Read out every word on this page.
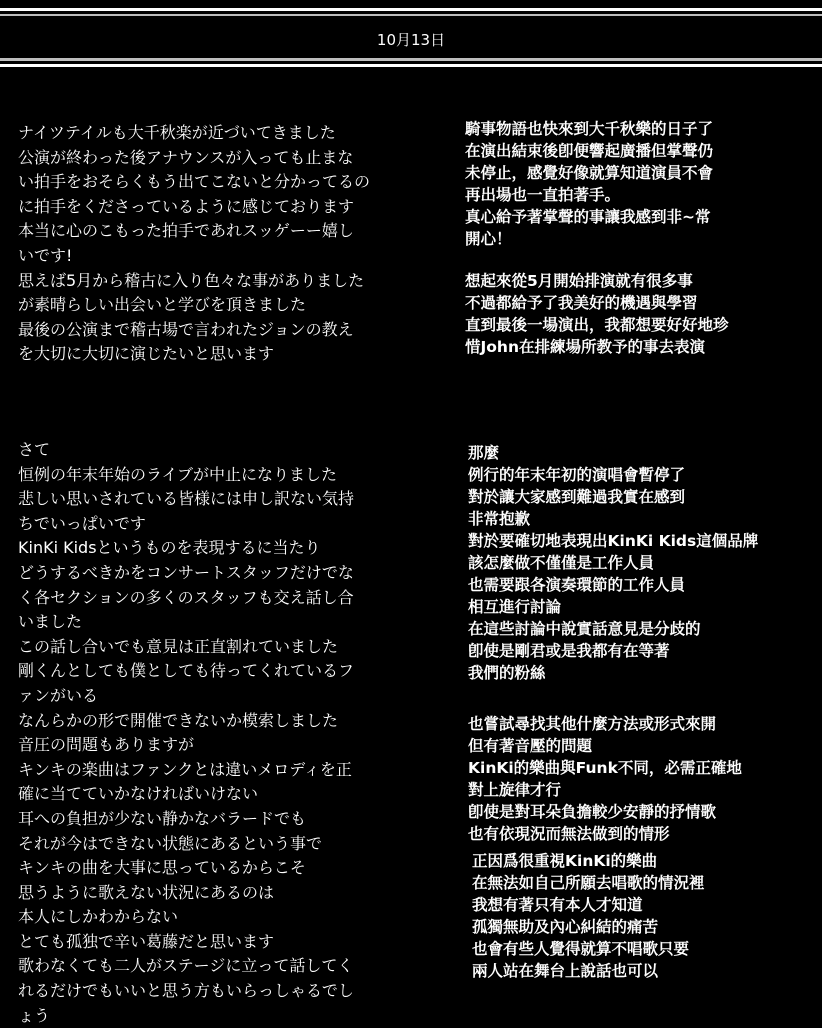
10月13日
ナイツテイルも大千秋楽が近づいてきました
公演が終わった後アナウンスが入っても止まな
い拍手をおそらくもう出てこないと分かってるの
に拍手をくださっているように感じております
本当に心のこもった拍手であれスッゲーー嬉し
いです!
思えば5月から稽古に入り色々な事がありました
が素晴らしい出会いと学びを頂きました
最後の公演まで稽古場で言われたジョンの教え
を大切に大切に演じたいと思います
さて
恒例の年末年始のライブが中止になりました
悲しい思いされている皆様には申し訳ない気持
ちでいっぱいです
KinKi Kidsというものを表現するに当たり
どうするべきかをコンサートスタッフだけでな
く各セクションの多くのスタッフも交え話し合
いました
この話し合いでも意見は正直割れていました
剛くんとしても僕としても待ってくれているフ
ァンがいる
なんらかの形で開催できないか模索しました
音圧の問題もありますが
キンキの楽曲はファンクとは違いメロディを正
確に当てていかなければいけない
耳への負担が少ない静かなバラードでも
それが今はできない状態にあるという事で
キンキの曲を大事に思っているからこそ
思うように歌えない状況にあるのは
本人にしかわからない
とても孤独で辛い葛藤だと思います
歌わなくても二人がステージに立って話してく
れるだけでもいいと思う方もいらっしゃるでし
ょう
騎事物語也快來到大千秋樂的日子了
在演出結束後卽便響起廣播但掌聲仍
未停止，感覺好像就算知道演員不會
再出場也一直拍著手。
真心給予著掌聲的事讓我感到非~常
開心！
想起來從5月開始排演就有很多事
不過都給予了我美好的機遇與學習
直到最後一場演出，我都想要好好地珍
惜John在排練場所教予的事去表演
那麼
例行的年末年初的演唱會暫停了
對於讓大家感到難過我實在感到
非常抱歉
對於要確切地表現出KinKi Kids這個品牌
該怎麼做不僅僅是工作人員
也需要跟各演奏環節的工作人員
相互進行討論
在這些討論中說實話意見是分歧的
卽使是剛君或是我都有在等著
我們的粉絲
也嘗試尋找其他什麼方法或形式來開
但有著音壓的問題
KinKi的樂曲與Funk不同，必需正確地
對上旋律才行
卽使是對耳朵負擔較少安靜的抒情歌
也有依現況而無法做到的情形
正因爲很重視KinKi的樂曲
在無法如自己所願去唱歌的情況裡
我想有著只有本人才知道
孤獨無助及內心糾結的痛苦
也會有些人覺得就算不唱歌只要
兩人站在舞台上說話也可以
